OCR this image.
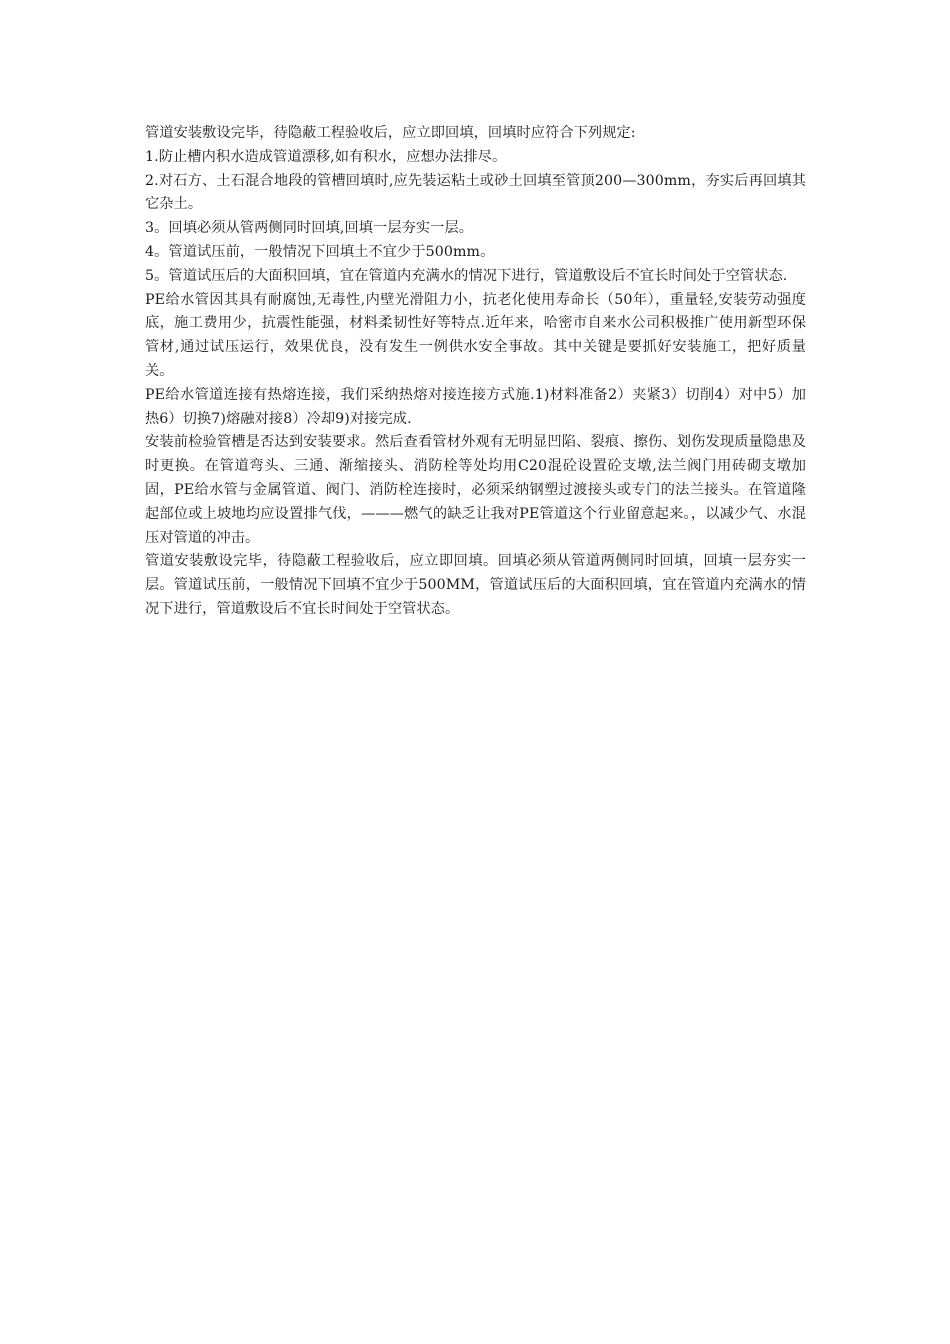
管道安装敷设完毕，待隐蔽工程验收后，应立即回填，回填时应符合下列规定:

1.防止槽内积水造成管道漂移,如有积水，应想办法排尽。

2.对石方、土石混合地段的管槽回填时,应先装运粘土或砂土回填至管顶200—300mm，夯实后再回填其它杂土。

3。回填必须从管两侧同时回填,回填一层夯实一层。

4。管道试压前，一般情况下回填土不宜少于500mm。

5。管道试压后的大面积回填，宜在管道内充满水的情况下进行，管道敷设后不宜长时间处于空管状态.

PE给水管因其具有耐腐蚀,无毒性,内壁光滑阻力小，抗老化使用寿命长（50年），重量轻,安装劳动强度底，施工费用少，抗震性能强，材料柔韧性好等特点.近年来，哈密市自来水公司积极推广使用新型环保管材,通过试压运行，效果优良，没有发生一例供水安全事故。其中关键是要抓好安装施工，把好质量关。

PE给水管道连接有热熔连接，我们采纳热熔对接连接方式施.1)材料准备2）夹紧3）切削4）对中5）加热6）切换7)熔融对接8）冷却9)对接完成.

安装前检验管槽是否达到安装要求。然后查看管材外观有无明显凹陷、裂痕、擦伤、划伤发现质量隐患及时更换。在管道弯头、三通、渐缩接头、消防栓等处均用C20混砼设置砼支墩,法兰阀门用砖砌支墩加固，PE给水管与金属管道、阀门、消防栓连接时，必须采纳钢塑过渡接头或专门的法兰接头。在管道隆起部位或上坡地均应设置排气伐，———燃气的缺乏让我对PE管道这个行业留意起来。，以减少气、水混压对管道的冲击。

管道安装敷设完毕，待隐蔽工程验收后，应立即回填。回填必须从管道两侧同时回填，回填一层夯实一层。管道试压前，一般情况下回填不宜少于500MM，管道试压后的大面积回填，宜在管道内充满水的情况下进行，管道敷设后不宜长时间处于空管状态。
